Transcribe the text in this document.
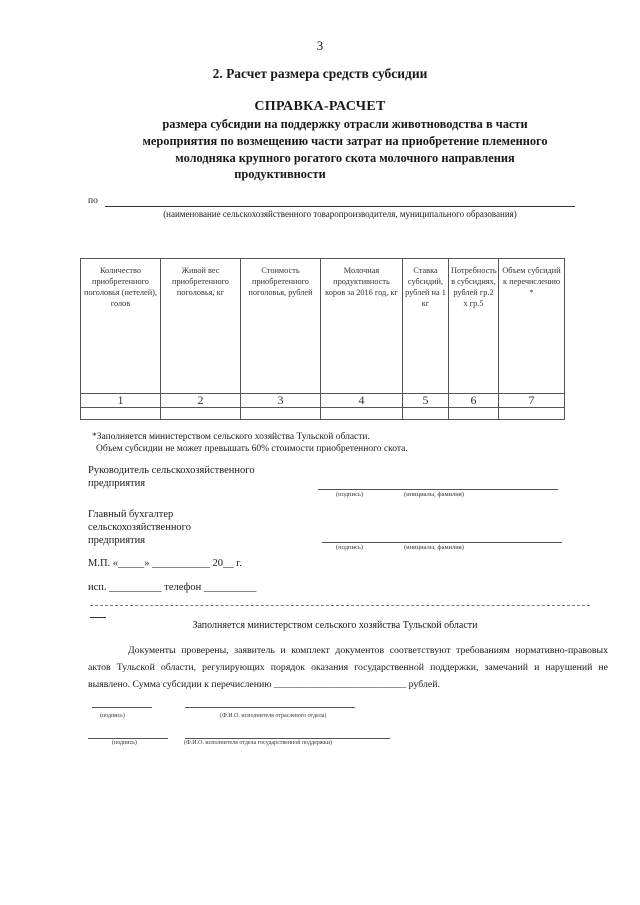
3
2. Расчет размера средств субсидии
СПРАВКА-РАСЧЕТ
размера субсидии на поддержку отрасли животноводства в части
мероприятия по возмещению части затрат на приобретение племенного
молодняка крупного рогатого скота молочного направления
продуктивности
по
(наименование сельскохозяйственного товаропроизводителя, муниципального образования)
Количество приобретенного поголовья (нетелей), голов	Живой вес приобретенного поголовья, кг	Стоимость приобретенного поголовья, рублей	Молочная продуктивность коров за 2016 год, кг	Ставка субсидий, рублей на 1 кг	Потребность в субсидиях, рублей гр.2 х гр.5	Объем субсидий к перечислению *
1	2	3	4	5	6	7

*Заполняется министерством сельского хозяйства Тульской области.
Объем субсидии не может превышать 60% стоимости приобретенного скота.
Руководитель сельскохозяйственного
предприятия
(подпись)	(инициалы, фамилия)
Главный бухгалтер
сельскохозяйственного
предприятия
(подпись)	(инициалы, фамилия)
М.П. «_____» ___________ 20__ г.
исп. __________ телефон __________
Заполняется министерством сельского хозяйства Тульской области
Документы проверены, заявитель и комплект документов соответствуют требованиям нормативно-правовых актов Тульской области, регулирующих порядок оказания государственной поддержки, замечаний и нарушений не выявлено. Сумма субсидии к перечислению ___________________________ рублей.
(подпись)	(Ф.И.О. исполнителя отраслевого отдела)
(подпись)	(Ф.И.О. исполнителя отдела государственной поддержки)
